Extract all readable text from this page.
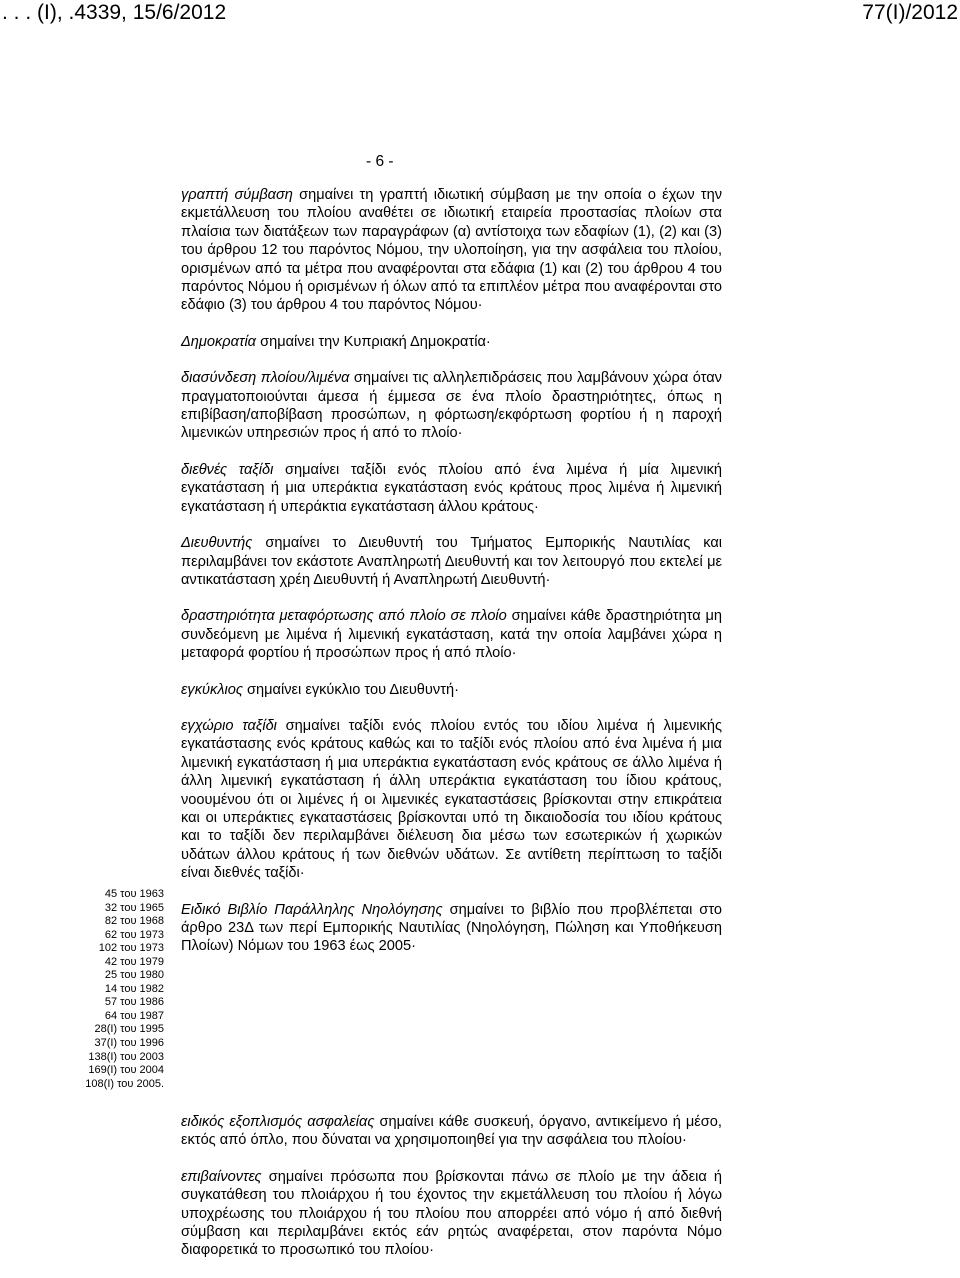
. . . (Ι), .4339, 15/6/2012	77(Ι)/2012
- 6 -

γραπτή σύμβαση σημαίνει τη γραπτή ιδιωτική σύμβαση με την οποία ο έχων την εκμετάλλευση του πλοίου αναθέτει σε ιδιωτική εταιρεία προστασίας πλοίων στα πλαίσια των διατάξεων των παραγράφων (α) αντίστοιχα των εδαφίων (1), (2) και (3) του άρθρου 12 του παρόντος Νόμου, την υλοποίηση, για την ασφάλεια του πλοίου, ορισμένων από τα μέτρα που αναφέρονται στα εδάφια (1) και (2) του άρθρου 4 του παρόντος Νόμου ή ορισμένων ή όλων από τα επιπλέον μέτρα που αναφέρονται στο εδάφιο (3) του άρθρου 4 του παρόντος Νόμου·

Δημοκρατία σημαίνει την Κυπριακή Δημοκρατία·

διασύνδεση πλοίου/λιμένα σημαίνει τις αλληλεπιδράσεις που λαμβάνουν χώρα όταν πραγματοποιούνται άμεσα ή έμμεσα σε ένα πλοίο δραστηριότητες, όπως η επιβίβαση/αποβίβαση προσώπων, η φόρτωση/εκφόρτωση φορτίου ή η παροχή λιμενικών υπηρεσιών προς ή από το πλοίο·

διεθνές ταξίδι σημαίνει ταξίδι ενός πλοίου από ένα λιμένα ή μία λιμενική εγκατάσταση ή μια υπεράκτια εγκατάσταση ενός κράτους προς λιμένα ή λιμενική εγκατάσταση ή υπεράκτια εγκατάσταση άλλου κράτους·

Διευθυντής σημαίνει το Διευθυντή του Τμήματος Εμπορικής Ναυτιλίας και περιλαμβάνει τον εκάστοτε Αναπληρωτή Διευθυντή και τον λειτουργό που εκτελεί με αντικατάσταση χρέη Διευθυντή ή Αναπληρωτή Διευθυντή·

δραστηριότητα μεταφόρτωσης από πλοίο σε πλοίο σημαίνει κάθε δραστηριότητα μη συνδεόμενη με λιμένα ή λιμενική εγκατάσταση, κατά την οποία λαμβάνει χώρα η μεταφορά φορτίου ή προσώπων προς ή από πλοίο·

εγκύκλιος σημαίνει εγκύκλιο του Διευθυντή·

εγχώριο ταξίδι σημαίνει ταξίδι ενός πλοίου εντός του ιδίου λιμένα ή λιμενικής εγκατάστασης ενός κράτους καθώς και το ταξίδι ενός πλοίου από ένα λιμένα ή μια λιμενική εγκατάσταση ή μια υπεράκτια εγκατάσταση ενός κράτους σε άλλο λιμένα ή άλλη λιμενική εγκατάσταση ή άλλη υπεράκτια εγκατάσταση του ίδιου κράτους, νοουμένου ότι οι λιμένες ή οι λιμενικές εγκαταστάσεις βρίσκονται στην επικράτεια και οι υπεράκτιες εγκαταστάσεις βρίσκονται υπό τη δικαιοδοσία του ιδίου κράτους και το ταξίδι δεν περιλαμβάνει διέλευση δια μέσω των εσωτερικών ή χωρικών υδάτων άλλου κράτους ή των διεθνών υδάτων. Σε αντίθετη περίπτωση το ταξίδι είναι διεθνές ταξίδι·

Ειδικό Βιβλίο Παράλληλης Νηολόγησης σημαίνει το βιβλίο που προβλέπεται στο άρθρο 23Δ των περί Εμπορικής Ναυτιλίας (Νηολόγηση, Πώληση και Υποθήκευση Πλοίων) Νόμων του 1963 έως 2005·

45 του 1963
32 του 1965
82 του 1968
62 του 1973
102 του 1973
42 του 1979
25 του 1980
14 του 1982
57 του 1986
64 του 1987
28(I) του 1995
37(I) του 1996
138(I) του 2003
169(I) του 2004
108(I) του 2005.

ειδικός εξοπλισμός ασφαλείας σημαίνει κάθε συσκευή, όργανο, αντικείμενο ή μέσο, εκτός από όπλο, που δύναται να χρησιμοποιηθεί για την ασφάλεια του πλοίου·

επιβαίνοντες σημαίνει πρόσωπα που βρίσκονται πάνω σε πλοίο με την άδεια ή συγκατάθεση του πλοιάρχου ή του έχοντος την εκμετάλλευση του πλοίου ή λόγω υποχρέωσης του πλοιάρχου ή του πλοίου που απορρέει από νόμο ή από διεθνή σύμβαση και περιλαμβάνει εκτός εάν ρητώς αναφέρεται, στον παρόντα Νόμο διαφορετικά το προσωπικό του πλοίου·
